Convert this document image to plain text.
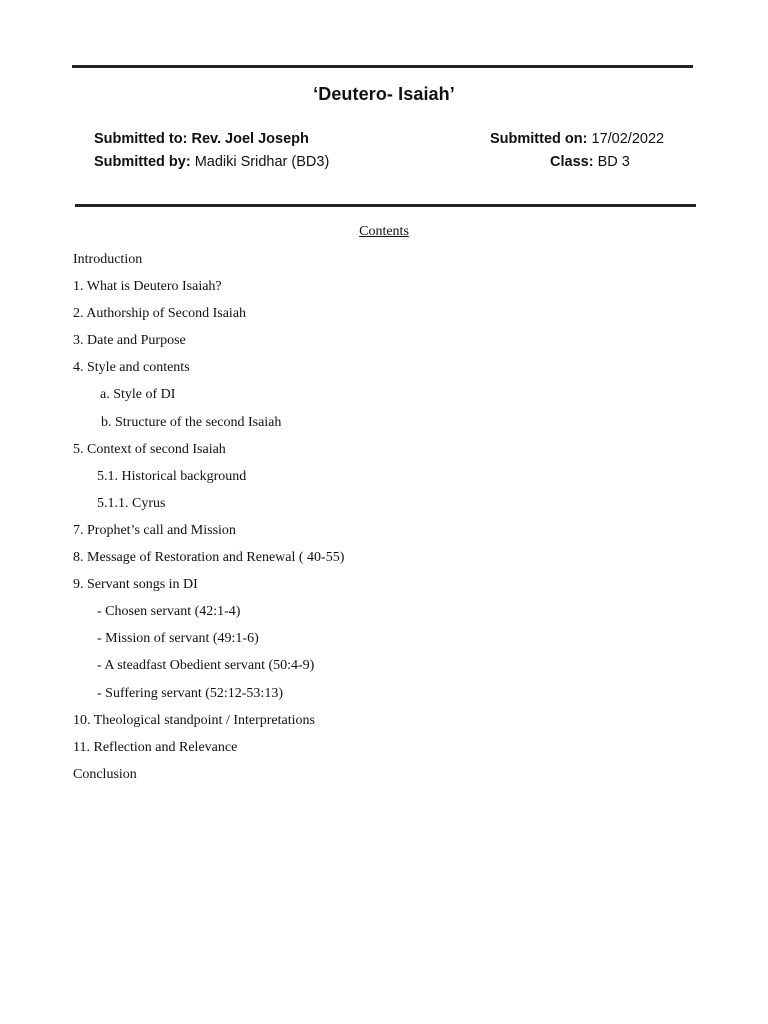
‘Deutero- Isaiah’
Submitted to: Rev. Joel Joseph
Submitted by: Madiki Sridhar (BD3)
Submitted on: 17/02/2022
Class: BD 3
Contents
Introduction
1. What is Deutero Isaiah?
2. Authorship of Second Isaiah
3. Date and Purpose
4. Style and contents
a. Style of DI
b. Structure of the second Isaiah
5. Context of second Isaiah
5.1. Historical background
5.1.1. Cyrus
7. Prophet’s call and Mission
8. Message of Restoration and Renewal ( 40-55)
9. Servant songs in DI
- Chosen servant (42:1-4)
- Mission of servant (49:1-6)
- A steadfast Obedient servant (50:4-9)
- Suffering servant (52:12-53:13)
10. Theological standpoint / Interpretations
11. Reflection and Relevance
Conclusion
